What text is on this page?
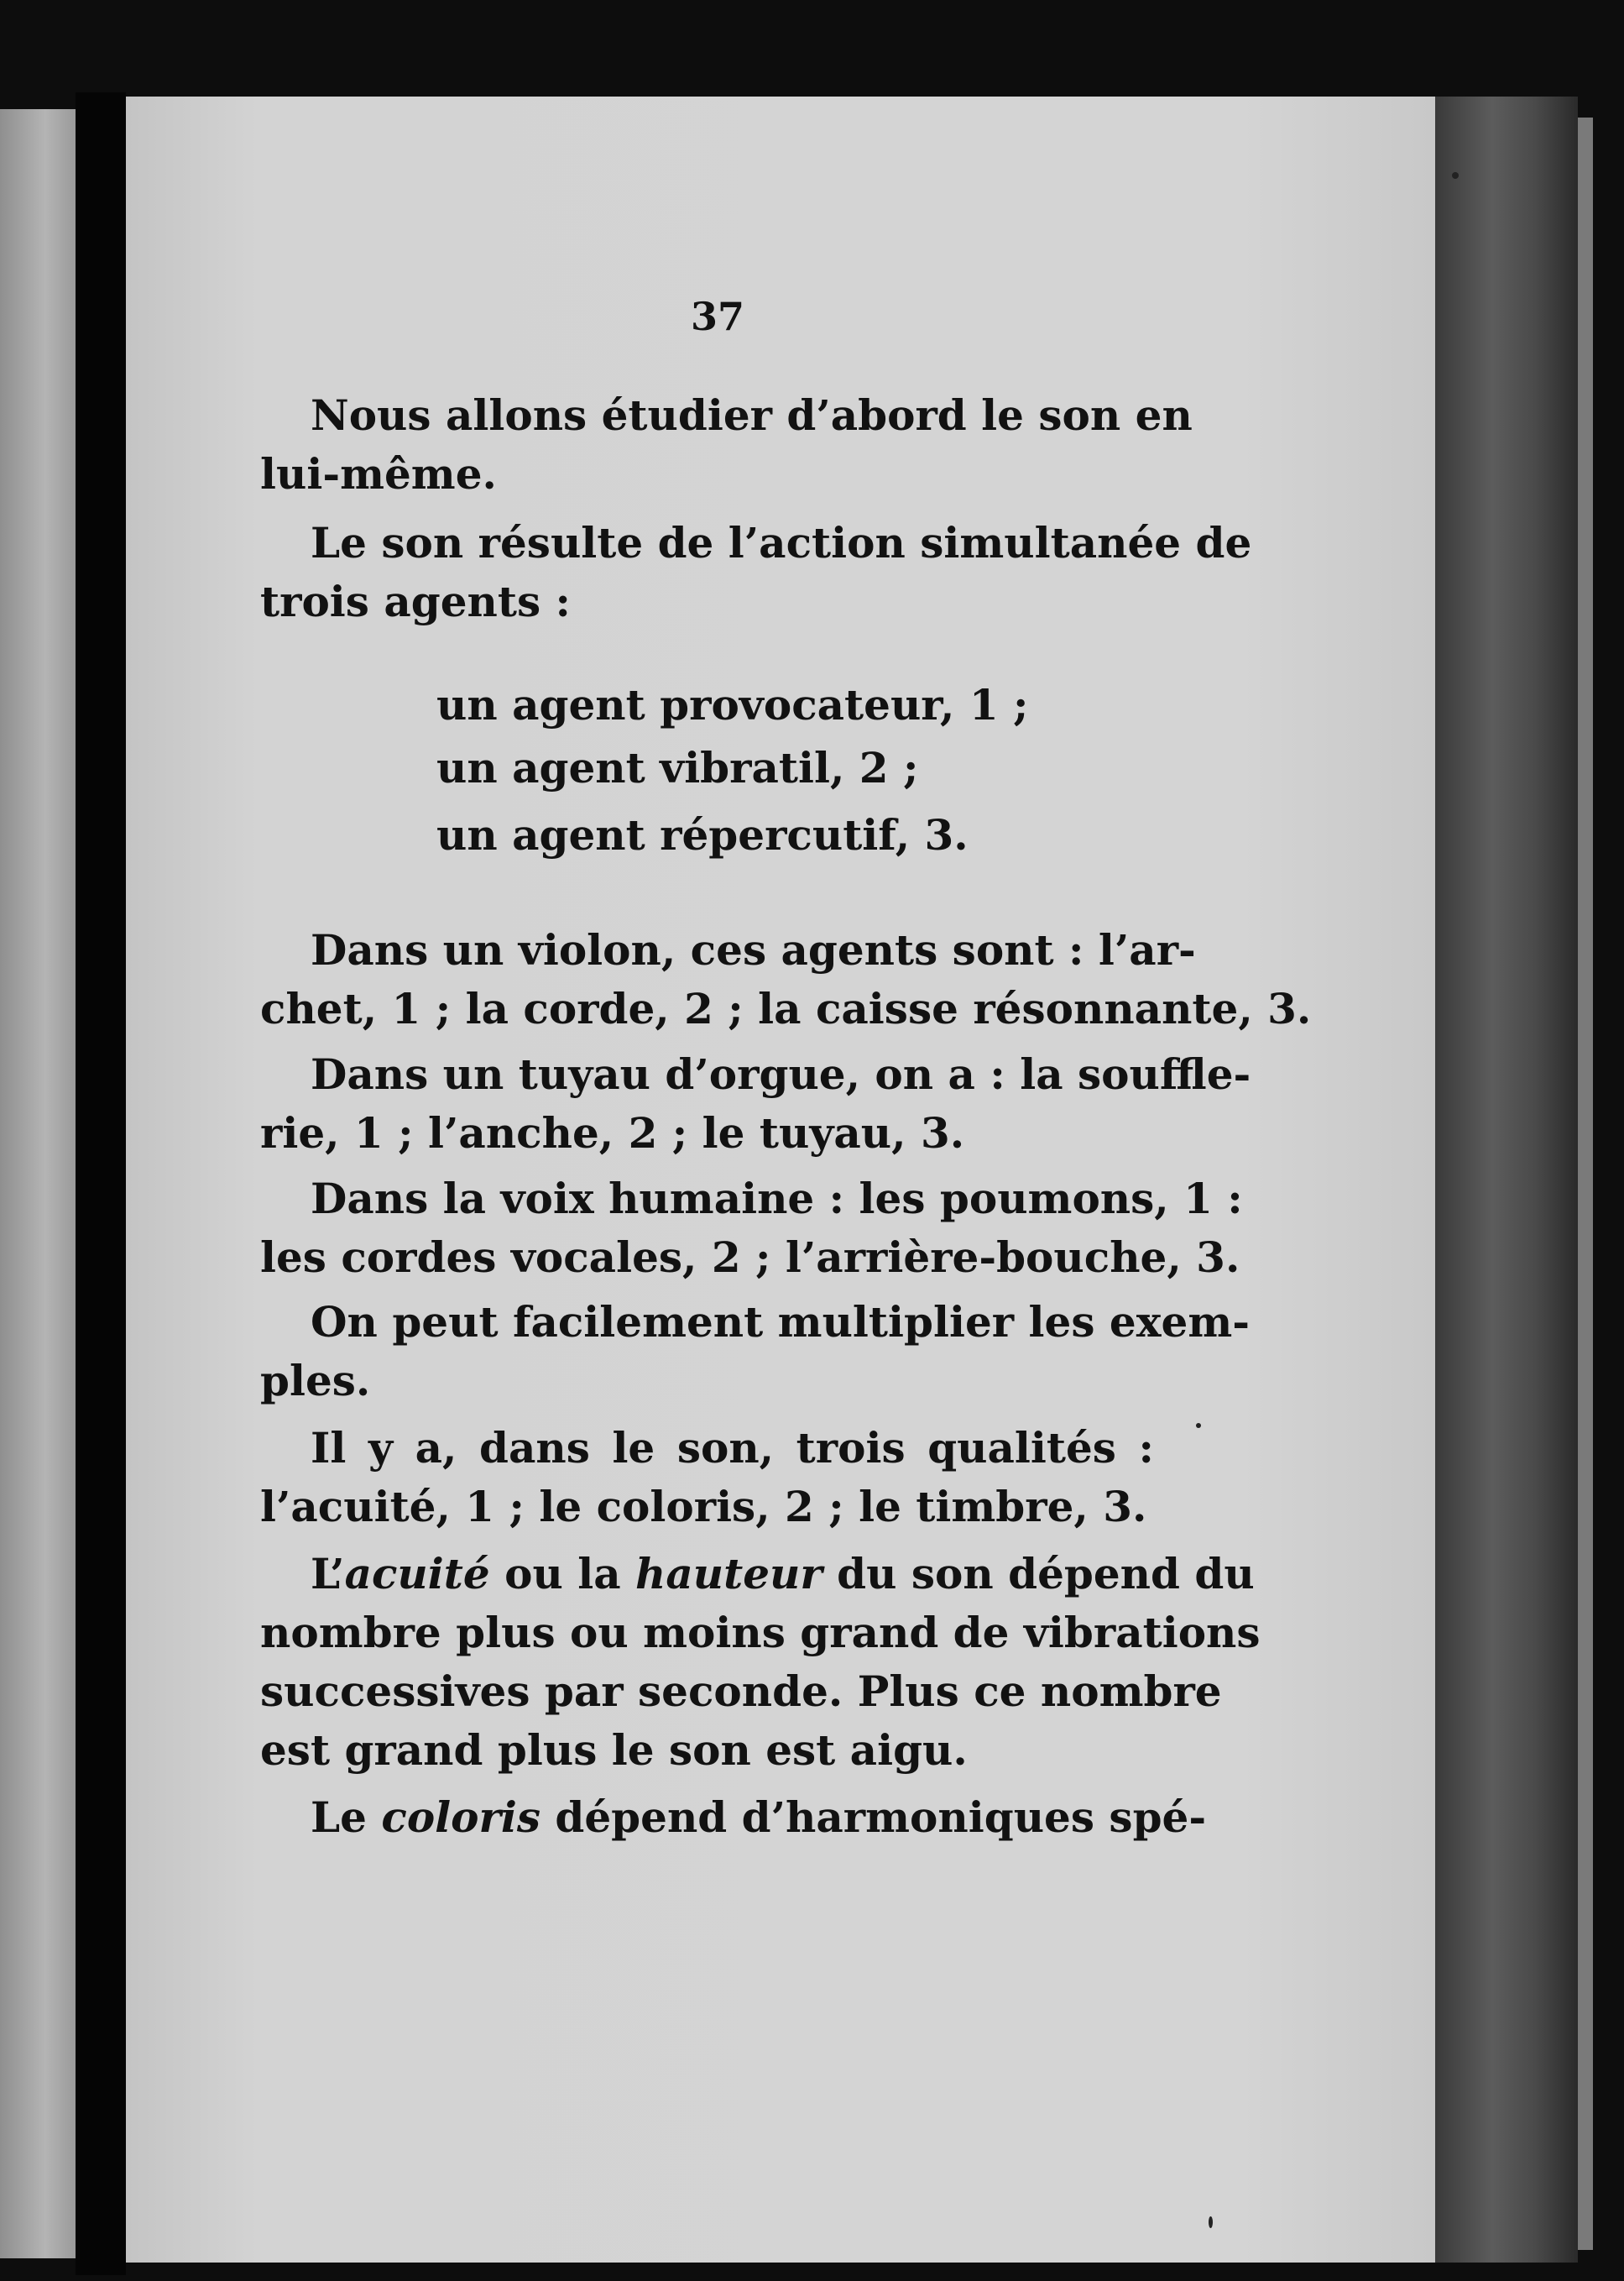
37
Nous allons étudier d’abord le son en
lui-même.
Le son résulte de l’action simultanée de
trois agents :
un agent provocateur, 1 ;
un agent vibratil, 2 ;
un agent répercutif, 3.
Dans un violon, ces agents sont : l’ar-
chet, 1 ; la corde, 2 ; la caisse résonnante, 3.
Dans un tuyau d’orgue, on a : la souffle-
rie, 1 ; l’anche, 2 ; le tuyau, 3.
Dans la voix humaine : les poumons, 1 :
les cordes vocales, 2 ; l’arrière-bouche, 3.
On peut facilement multiplier les exem-
ples.
Il y a, dans le son, trois qualités :
l’acuité, 1 ; le coloris, 2 ; le timbre, 3.
L’acuité ou la hauteur du son dépend du
nombre plus ou moins grand de vibrations
successives par seconde. Plus ce nombre
est grand plus le son est aigu.
Le coloris dépend d’harmoniques spé-
